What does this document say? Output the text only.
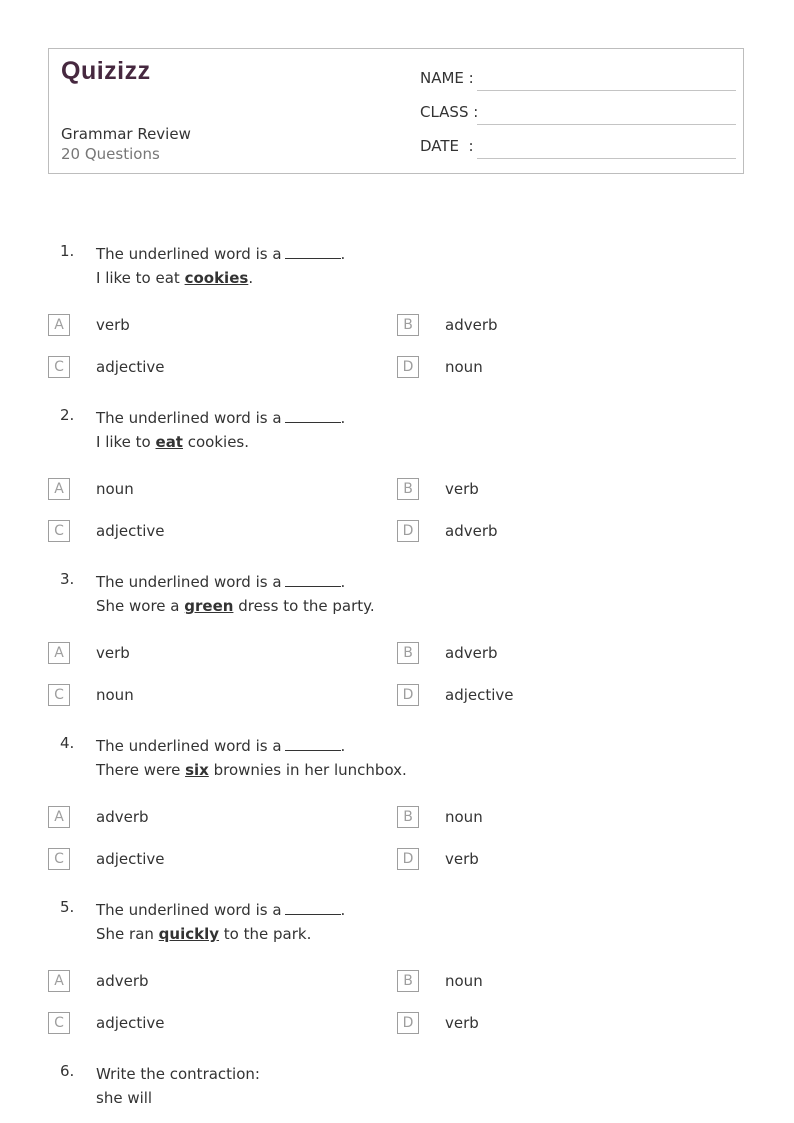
Quizizz
Grammar Review
20 Questions
NAME :
CLASS :
DATE  :
1. The underlined word is a	.
I like to eat cookies.
A	verb	B	adverb
C	adjective	D	noun
2. The underlined word is a	.
I like to eat cookies.
A	noun	B	verb
C	adjective	D	adverb
3. The underlined word is a	.
She wore a green dress to the party.
A	verb	B	adverb
C	noun	D	adjective
4. The underlined word is a	.
There were six brownies in her lunchbox.
A	adverb	B	noun
C	adjective	D	verb
5. The underlined word is a	.
She ran quickly to the park.
A	adverb	B	noun
C	adjective	D	verb
6. Write the contraction:
she will
